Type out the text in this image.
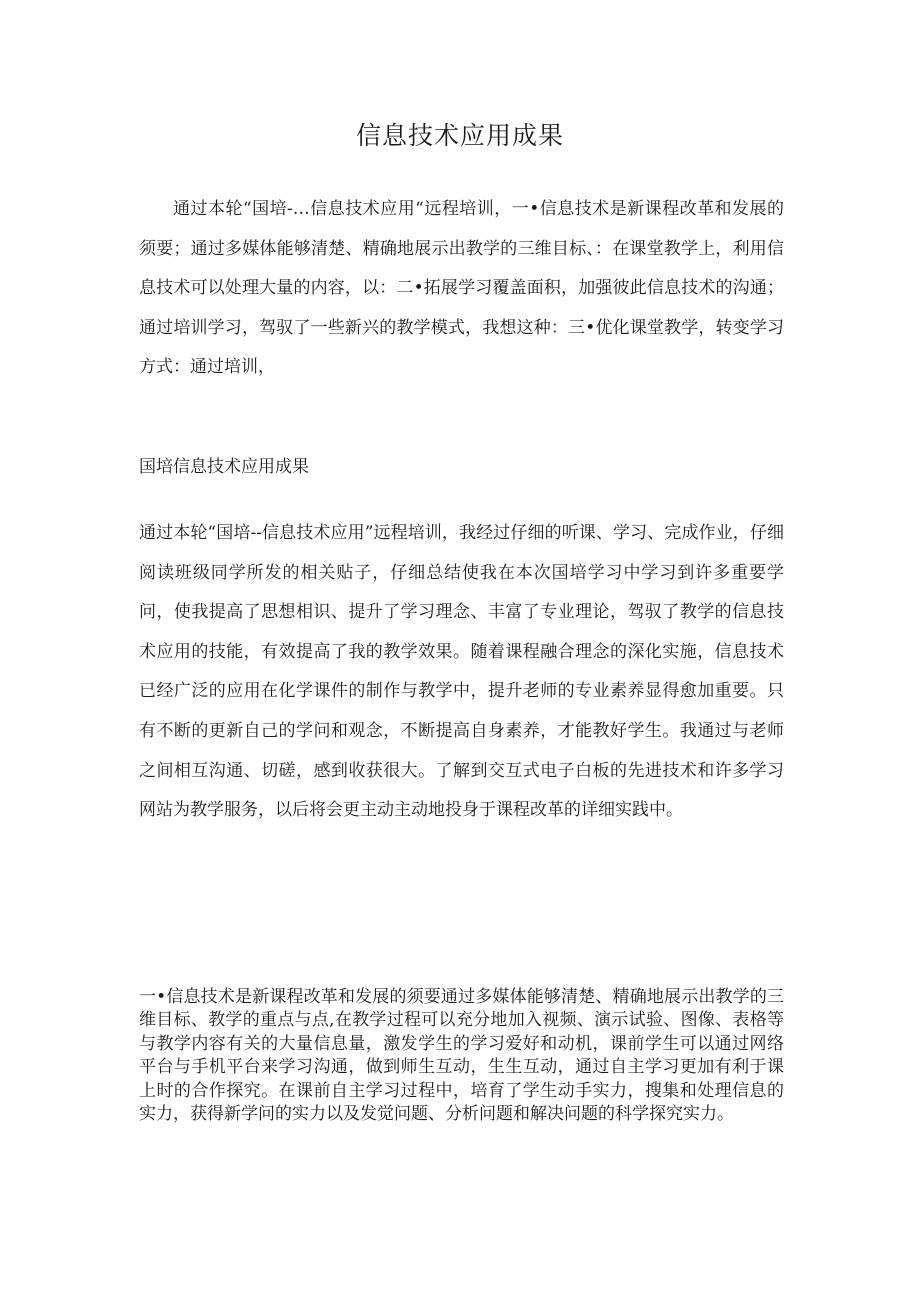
信息技术应用成果

通过本轮“国培-…信息技术应用“远程培训，一•信息技术是新课程改革和发展的须要；通过多媒体能够清楚、精确地展示出教学的三维目标、：在课堂教学上，利用信息技术可以处理大量的内容，以：二•拓展学习覆盖面积，加强彼此信息技术的沟通；通过培训学习，驾驭了一些新兴的教学模式，我想这种：三•优化课堂教学，转变学习方式：通过培训，

国培信息技术应用成果

通过本轮“国培--信息技术应用”远程培训，我经过仔细的听课、学习、完成作业，仔细阅读班级同学所发的相关贴子，仔细总结使我在本次国培学习中学习到许多重要学问，使我提高了思想相识、提升了学习理念、丰富了专业理论，驾驭了教学的信息技术应用的技能，有效提高了我的教学效果。随着课程融合理念的深化实施，信息技术已经广泛的应用在化学课件的制作与教学中，提升老师的专业素养显得愈加重要。只有不断的更新自己的学问和观念，不断提高自身素养，才能教好学生。我通过与老师之间相互沟通、切磋，感到收获很大。了解到交互式电子白板的先进技术和许多学习网站为教学服务，以后将会更主动主动地投身于课程改革的详细实践中。

一•信息技术是新课程改革和发展的须要通过多媒体能够清楚、精确地展示出教学的三维目标、教学的重点与点,在教学过程可以充分地加入视频、演示试验、图像、表格等与教学内容有关的大量信息量，激发学生的学习爱好和动机，课前学生可以通过网络平台与手机平台来学习沟通，做到师生互动，生生互动，通过自主学习更加有利于课上时的合作探究。在课前自主学习过程中，培育了学生动手实力，搜集和处理信息的实力，获得新学问的实力以及发觉问题、分析问题和解决问题的科学探究实力。
